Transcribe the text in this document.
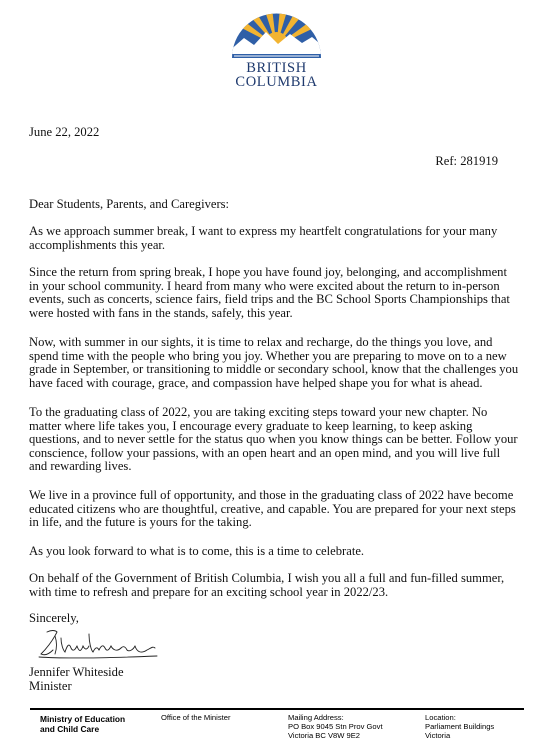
BRITISH
COLUMBIA
June 22, 2022
Ref: 281919
Dear Students, Parents, and Caregivers:
As we approach summer break, I want to express my heartfelt congratulations for your many
accomplishments this year.
Since the return from spring break, I hope you have found joy, belonging, and accomplishment
in your school community. I heard from many who were excited about the return to in-person
events, such as concerts, science fairs, field trips and the BC School Sports Championships that
were hosted with fans in the stands, safely, this year.
Now, with summer in our sights, it is time to relax and recharge, do the things you love, and
spend time with the people who bring you joy. Whether you are preparing to move on to a new
grade in September, or transitioning to middle or secondary school, know that the challenges you
have faced with courage, grace, and compassion have helped shape you for what is ahead.
To the graduating class of 2022, you are taking exciting steps toward your new chapter. No
matter where life takes you, I encourage every graduate to keep learning, to keep asking
questions, and to never settle for the status quo when you know things can be better. Follow your
conscience, follow your passions, with an open heart and an open mind, and you will live full
and rewarding lives.
We live in a province full of opportunity, and those in the graduating class of 2022 have become
educated citizens who are thoughtful, creative, and capable. You are prepared for your next steps
in life, and the future is yours for the taking.
As you look forward to what is to come, this is a time to celebrate.
On behalf of the Government of British Columbia, I wish you all a full and fun-filled summer,
with time to refresh and prepare for an exciting school year in 2022/23.
Sincerely,
Jennifer Whiteside
Minister
Ministry of Education
and Child Care
Office of the Minister	Mailing Address:
PO Box 9045 Stn Prov Govt
Victoria BC V8W 9E2
Location:
Parliament Buildings
Victoria
